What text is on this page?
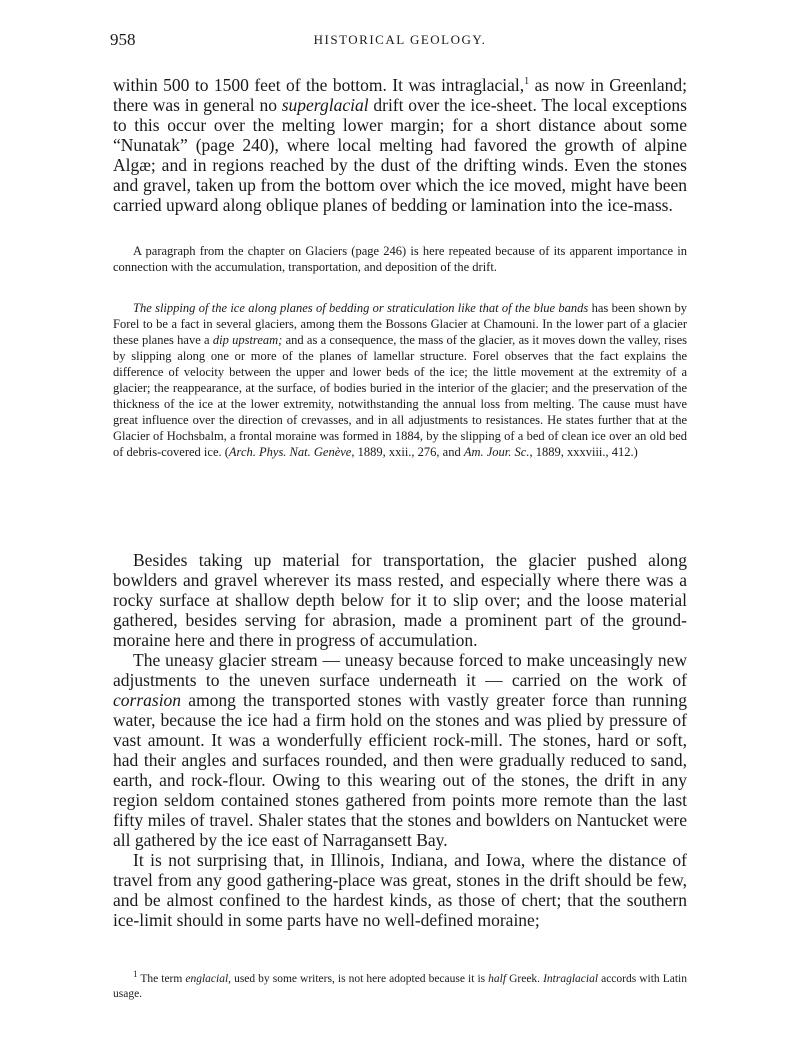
958	HISTORICAL GEOLOGY.

within 500 to 1500 feet of the bottom. It was intraglacial,$^1$ as now in Greenland; there was in general no superglacial drift over the ice-sheet. The local exceptions to this occur over the melting lower margin; for a short distance about some “Nunatak” (page 240), where local melting had favored the growth of alpine Algæ; and in regions reached by the dust of the drifting winds. Even the stones and gravel, taken up from the bottom over which the ice moved, might have been carried upward along oblique planes of bedding or lamination into the ice-mass.

A paragraph from the chapter on Glaciers (page 246) is here repeated because of its apparent importance in connection with the accumulation, transportation, and deposition of the drift.

The slipping of the ice along planes of bedding or straticulation like that of the blue bands has been shown by Forel to be a fact in several glaciers, among them the Bossons Glacier at Chamouni. In the lower part of a glacier these planes have a dip upstream; and as a consequence, the mass of the glacier, as it moves down the valley, rises by slipping along one or more of the planes of lamellar structure. Forel observes that the fact explains the difference of velocity between the upper and lower beds of the ice; the little movement at the extremity of a glacier; the reappearance, at the surface, of bodies buried in the interior of the glacier; and the preservation of the thickness of the ice at the lower extremity, notwithstanding the annual loss from melting. The cause must have great influence over the direction of crevasses, and in all adjustments to resistances. He states further that at the Glacier of Hochsbalm, a frontal moraine was formed in 1884, by the slipping of a bed of clean ice over an old bed of debris-covered ice. (Arch. Phys. Nat. Genève, 1889, xxii., 276, and Am. Jour. Sc., 1889, xxxviii., 412.)

Besides taking up material for transportation, the glacier pushed along bowlders and gravel wherever its mass rested, and especially where there was a rocky surface at shallow depth below for it to slip over; and the loose material gathered, besides serving for abrasion, made a prominent part of the ground-moraine here and there in progress of accumulation.

The uneasy glacier stream — uneasy because forced to make unceasingly new adjustments to the uneven surface underneath it — carried on the work of corrasion among the transported stones with vastly greater force than running water, because the ice had a firm hold on the stones and was plied by pressure of vast amount. It was a wonderfully efficient rock-mill. The stones, hard or soft, had their angles and surfaces rounded, and then were gradually reduced to sand, earth, and rock-flour. Owing to this wearing out of the stones, the drift in any region seldom contained stones gathered from points more remote than the last fifty miles of travel. Shaler states that the stones and bowlders on Nantucket were all gathered by the ice east of Narragansett Bay.

It is not surprising that, in Illinois, Indiana, and Iowa, where the distance of travel from any good gathering-place was great, stones in the drift should be few, and be almost confined to the hardest kinds, as those of chert; that the southern ice-limit should in some parts have no well-defined moraine;

$^1$ The term englacial, used by some writers, is not here adopted because it is half Greek. Intraglacial accords with Latin usage.
